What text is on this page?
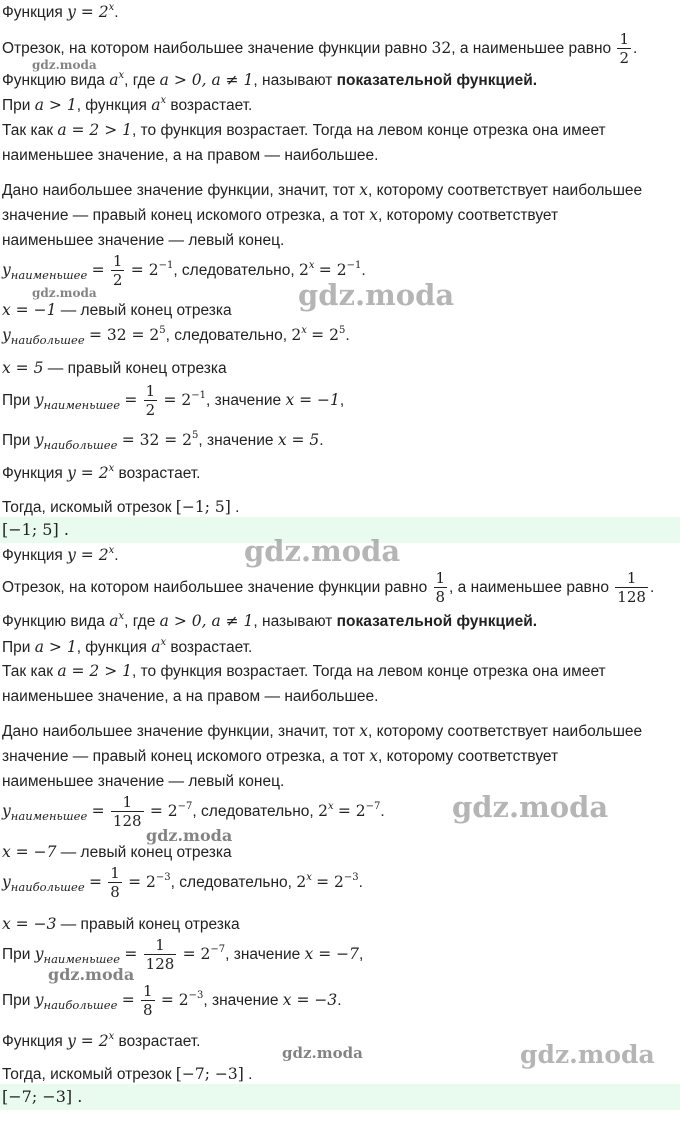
Функция $y = 2^x$.
Отрезок, на котором наибольшее значение функции равно 32, а наименьшее равно $\frac{1}{2}$ .
Функцию вида $a^x$, где a > 0, a ≠ 1, называют показательной функцией.
При a > 1, функция $a^x$ возрастает.
Так как a = 2 > 1, то функция возрастает. Тогда на левом конце отрезка она имеет
наименьшее значение, а на правом — наибольшее.
Дано наибольшее значение функции, значит, тот x, которому соответствует наибольшее
значение — правый конец искомого отрезка, а тот x, которому соответствует
наименьшее значение — левый конец.
$y_{наименьшее} = \frac{1}{2} = 2^{-1}$, следовательно, $2^x = 2^{-1}$.
x = −1 — левый конец отрезка
$y_{наибольшее} = 32 = 2^5$, следовательно, $2^x = 2^5$.
x = 5 — правый конец отрезка
При $y_{наименьшее} = \frac{1}{2} = 2^{-1}$, значение x = −1,
При $y_{наибольшее} = 32 = 2^5$, значение x = 5.
Функция $y = 2^x$ возрастает.
Тогда, искомый отрезок [−1; 5] .
[−1; 5] .
Функция $y = 2^x$.
Отрезок, на котором наибольшее значение функции равно $\frac{1}{8}$ , а наименьшее равно $\frac{1}{128}$ .
Функцию вида $a^x$, где a > 0, a ≠ 1, называют показательной функцией.
При a > 1, функция $a^x$ возрастает.
Так как a = 2 > 1, то функция возрастает. Тогда на левом конце отрезка она имеет
наименьшее значение, а на правом — наибольшее.
Дано наибольшее значение функции, значит, тот x, которому соответствует наибольшее
значение — правый конец искомого отрезка, а тот x, которому соответствует
наименьшее значение — левый конец.
$y_{наименьшее} = \frac{1}{128} = 2^{-7}$, следовательно, $2^x = 2^{-7}$.
x = −7 — левый конец отрезка
$y_{наибольшее} = \frac{1}{8} = 2^{-3}$, следовательно, $2^x = 2^{-3}$.
x = −3 — правый конец отрезка
При $y_{наименьшее} = \frac{1}{128} = 2^{-7}$, значение x = −7,
При $y_{наибольшее} = \frac{1}{8} = 2^{-3}$, значение x = −3.
Функция $y = 2^x$ возрастает.
Тогда, искомый отрезок [−7; −3] .
[−7; −3] .
gdz.moda
gdz.moda	gdz.moda
gdz.moda
gdz.moda
gdz.moda
gdz.moda
gdz.moda	gdz.moda
